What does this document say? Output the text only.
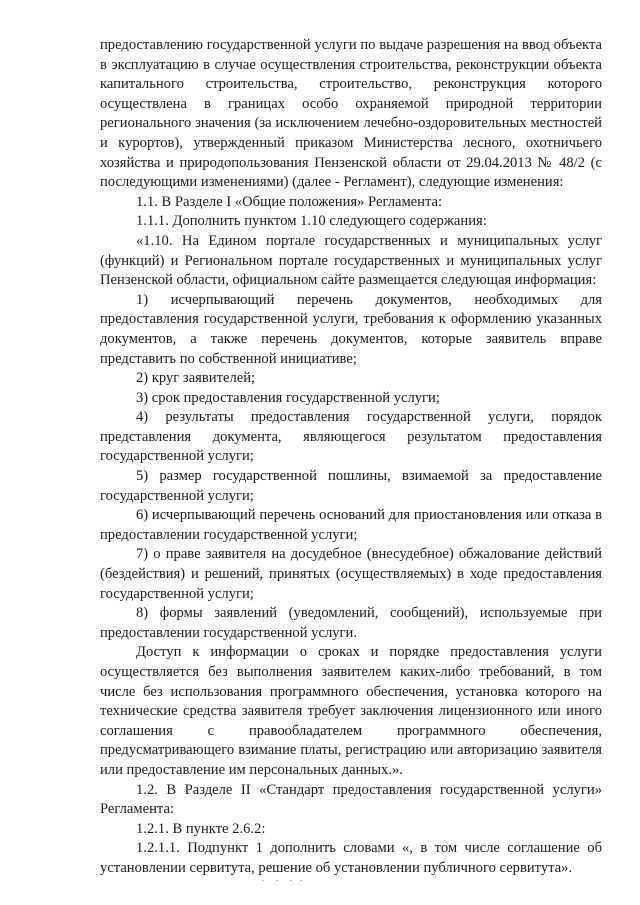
предоставлению государственной услуги по выдаче разрешения на ввод объекта в эксплуатацию в случае осуществления строительства, реконструкции объекта капитального строительства, строительство, реконструкция которого осуществлена в границах особо охраняемой природной территории регионального значения (за исключением лечебно-оздоровительных местностей и курортов), утвержденный приказом Министерства лесного, охотничьего хозяйства и природопользования Пензенской области от 29.04.2013 № 48/2 (с последующими изменениями) (далее - Регламент), следующие изменения:

1.1. В Разделе I «Общие положения» Регламента:

1.1.1. Дополнить пунктом 1.10 следующего содержания:

«1.10. На Едином портале государственных и муниципальных услуг (функций) и Региональном портале государственных и муниципальных услуг Пензенской области, официальном сайте размещается следующая информация:

1) исчерпывающий перечень документов, необходимых для предоставления государственной услуги, требования к оформлению указанных документов, а также перечень документов, которые заявитель вправе представить по собственной инициативе;

2) круг заявителей;

3) срок предоставления государственной услуги;

4) результаты предоставления государственной услуги, порядок представления документа, являющегося результатом предоставления государственной услуги;

5) размер государственной пошлины, взимаемой за предоставление государственной услуги;

6) исчерпывающий перечень оснований для приостановления или отказа в предоставлении государственной услуги;

7) о праве заявителя на досудебное (внесудебное) обжалование действий (бездействия) и решений, принятых (осуществляемых) в ходе предоставления государственной услуги;

8) формы заявлений (уведомлений, сообщений), используемые при предоставлении государственной услуги.

Доступ к информации о сроках и порядке предоставления услуги осуществляется без выполнения заявителем каких-либо требований, в том числе без использования программного обеспечения, установка которого на технические средства заявителя требует заключения лицензионного или иного соглашения с правообладателем программного обеспечения, предусматривающего взимание платы, регистрацию или авторизацию заявителя или предоставление им персональных данных.».

1.2. В Разделе II «Стандарт предоставления государственной услуги» Регламента:

1.2.1. В пункте 2.6.2:

1.2.1.1. Подпункт 1 дополнить словами «, в том числе соглашение об установлении сервитута, решение об установлении публичного сервитута».
